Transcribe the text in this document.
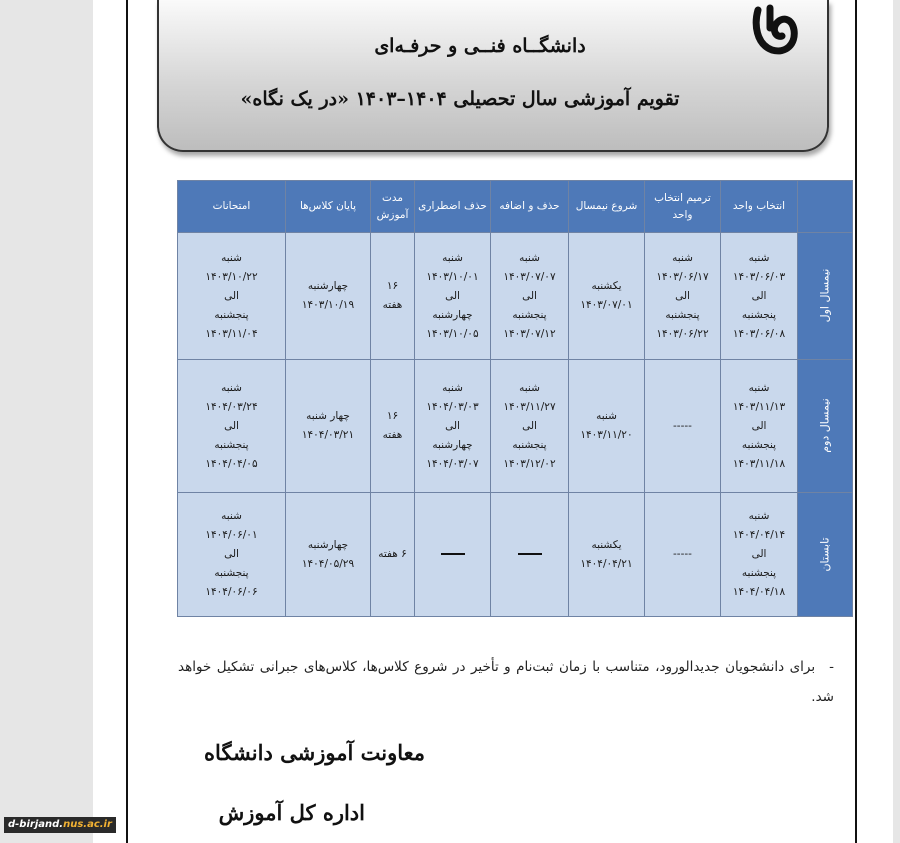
دانشگــاه فنــی و حرفـه‌ای
تقویم آموزشی سال تحصیلی ۱۴۰۴–۱۴۰۳ «در یک نگاه»
	انتخاب واحد	ترمیم انتخاب واحد	شروع نیمسال	حذف و اضافه	حذف اضطراری	مدت آموزش	پایان کلاس‌ها	امتحانات
نیمسال اول	شنبه
۱۴۰۳/۰۶/۰۳
الی
پنجشنبه
۱۴۰۳/۰۶/۰۸	شنبه
۱۴۰۳/۰۶/۱۷
الی
پنجشنبه
۱۴۰۳/۰۶/۲۲	یکشنبه
۱۴۰۳/۰۷/۰۱	شنبه
۱۴۰۳/۰۷/۰۷
الی
پنجشنبه
۱۴۰۳/۰۷/۱۲	شنبه
۱۴۰۳/۱۰/۰۱
الی
چهارشنبه
۱۴۰۳/۱۰/۰۵	۱۶
هفته	چهارشنبه
۱۴۰۳/۱۰/۱۹	شنبه
۱۴۰۳/۱۰/۲۲
الی
پنجشنبه
۱۴۰۳/۱۱/۰۴
نیمسال دوم	شنبه
۱۴۰۳/۱۱/۱۳
الی
پنجشنبه
۱۴۰۳/۱۱/۱۸	-----	شنبه
۱۴۰۳/۱۱/۲۰	شنبه
۱۴۰۳/۱۱/۲۷
الی
پنجشنبه
۱۴۰۳/۱۲/۰۲	شنبه
۱۴۰۴/۰۳/۰۳
الی
چهارشنبه
۱۴۰۴/۰۳/۰۷	۱۶
هفته	چهار شنبه
۱۴۰۴/۰۳/۲۱	شنبه
۱۴۰۴/۰۳/۲۴
الی
پنجشنبه
۱۴۰۴/۰۴/۰۵
تابستان	شنبه
۱۴۰۴/۰۴/۱۴
الی
پنجشنبه
۱۴۰۴/۰۴/۱۸	-----	یکشنبه
۱۴۰۴/۰۴/۲۱			۶ هفته	چهارشنبه
۱۴۰۴/۰۵/۲۹	شنبه
۱۴۰۴/۰۶/۰۱
الی
پنجشنبه
۱۴۰۴/۰۶/۰۶
-برای دانشجویان جدیدالورود، متناسب با زمان ثبت‌نام و تأخیر در شروع کلاس‌ها، کلاس‌های جبرانی تشکیل خواهد شد.
معاونت آموزشی دانشگاه
اداره کل آموزش
d-birjand.nus.ac.ir
